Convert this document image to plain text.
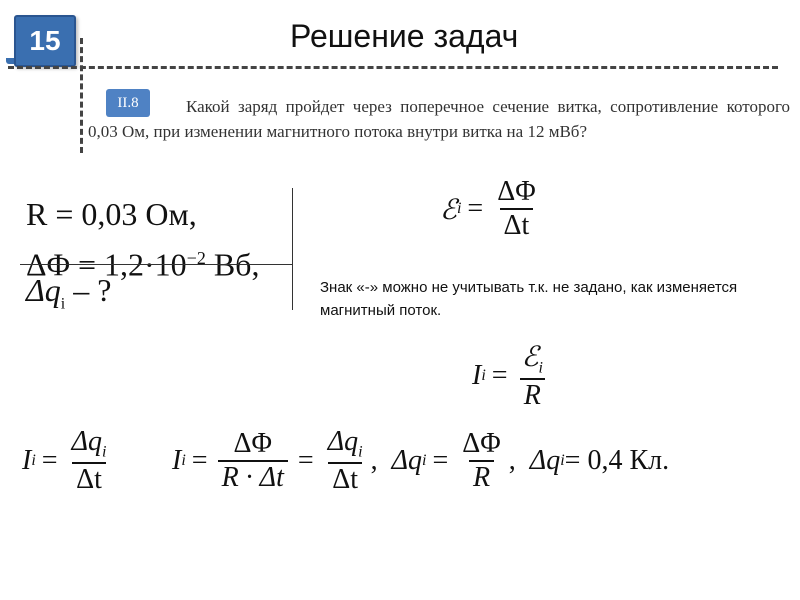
15	Решение задач
Какой заряд пройдет через поперечное сечение витка, сопротивление которого 0,03 Ом, при изменении магнитного потока внутри витка на 12 мВб?
II.8
R = 0,03 Ом,
$\Delta\Phi = 1,2\cdot 10^{-2}$ Вб,
$\Delta q_i$ – ?	Знак «-» можно не учитывать т.к. не задано, как изменяется магнитный поток.
ℰ $i = \frac{\Delta\Phi}{\Delta t}$
I $i = \frac{ℰ_i}{R}$
I $i = \frac{\Delta q_i}{\Delta t}$ I $i = \frac{\Delta\Phi}{R \cdot \Delta t} = \frac{\Delta q_i}{\Delta t}$ , Δq $i = \frac{\Delta\Phi}{R}$ , Δq i = 0,4 Кл.
